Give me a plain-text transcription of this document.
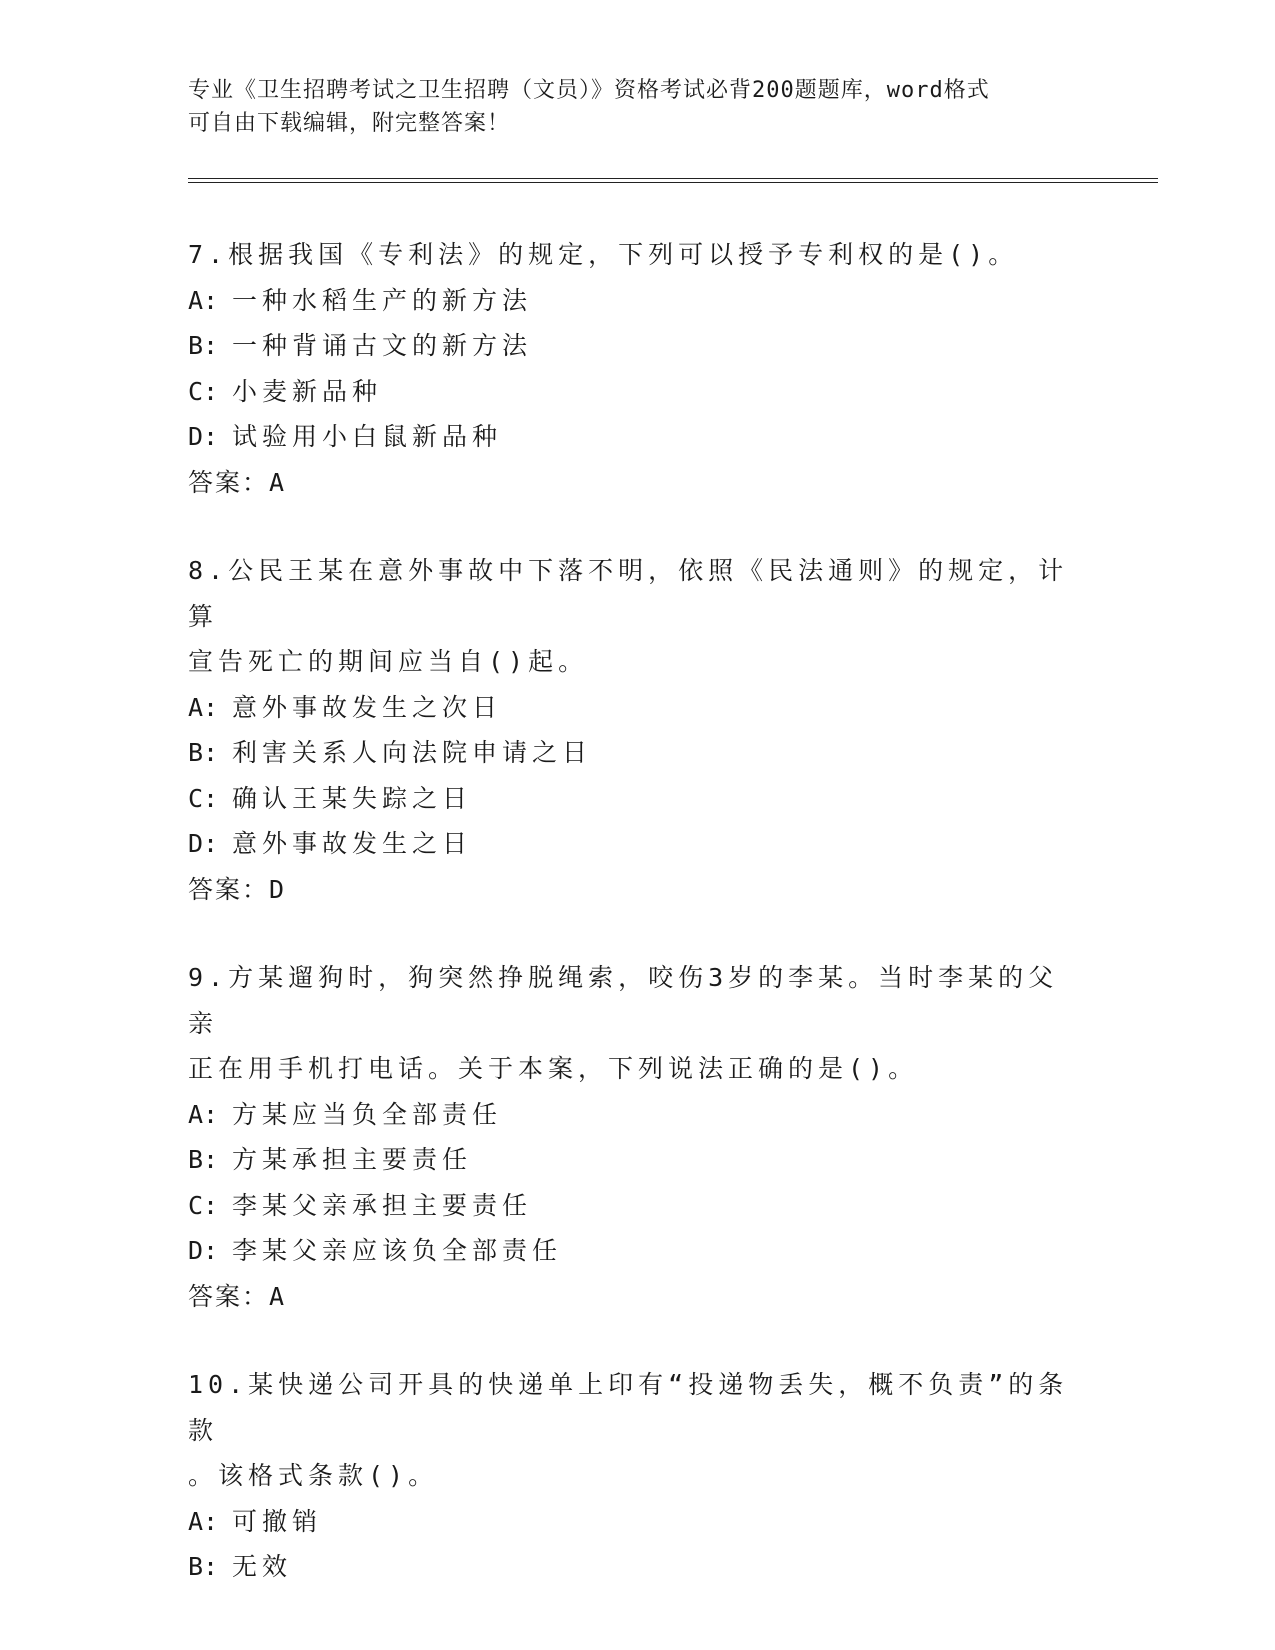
专业《卫生招聘考试之卫生招聘（文员）》资格考试必背200题题库，word格式
可自由下载编辑，附完整答案！
7.根据我国《专利法》的规定，下列可以授予专利权的是()。
A: 一种水稻生产的新方法
B: 一种背诵古文的新方法
C: 小麦新品种
D: 试验用小白鼠新品种
答案：A
8.公民王某在意外事故中下落不明，依照《民法通则》的规定，计算
宣告死亡的期间应当自()起。
A: 意外事故发生之次日
B: 利害关系人向法院申请之日
C: 确认王某失踪之日
D: 意外事故发生之日
答案：D
9.方某遛狗时，狗突然挣脱绳索，咬伤3岁的李某。当时李某的父亲
正在用手机打电话。关于本案，下列说法正确的是()。
A: 方某应当负全部责任
B: 方某承担主要责任
C: 李某父亲承担主要责任
D: 李某父亲应该负全部责任
答案：A
10.某快递公司开具的快递单上印有“投递物丢失，概不负责”的条款
。该格式条款()。
A: 可撤销
B: 无效
